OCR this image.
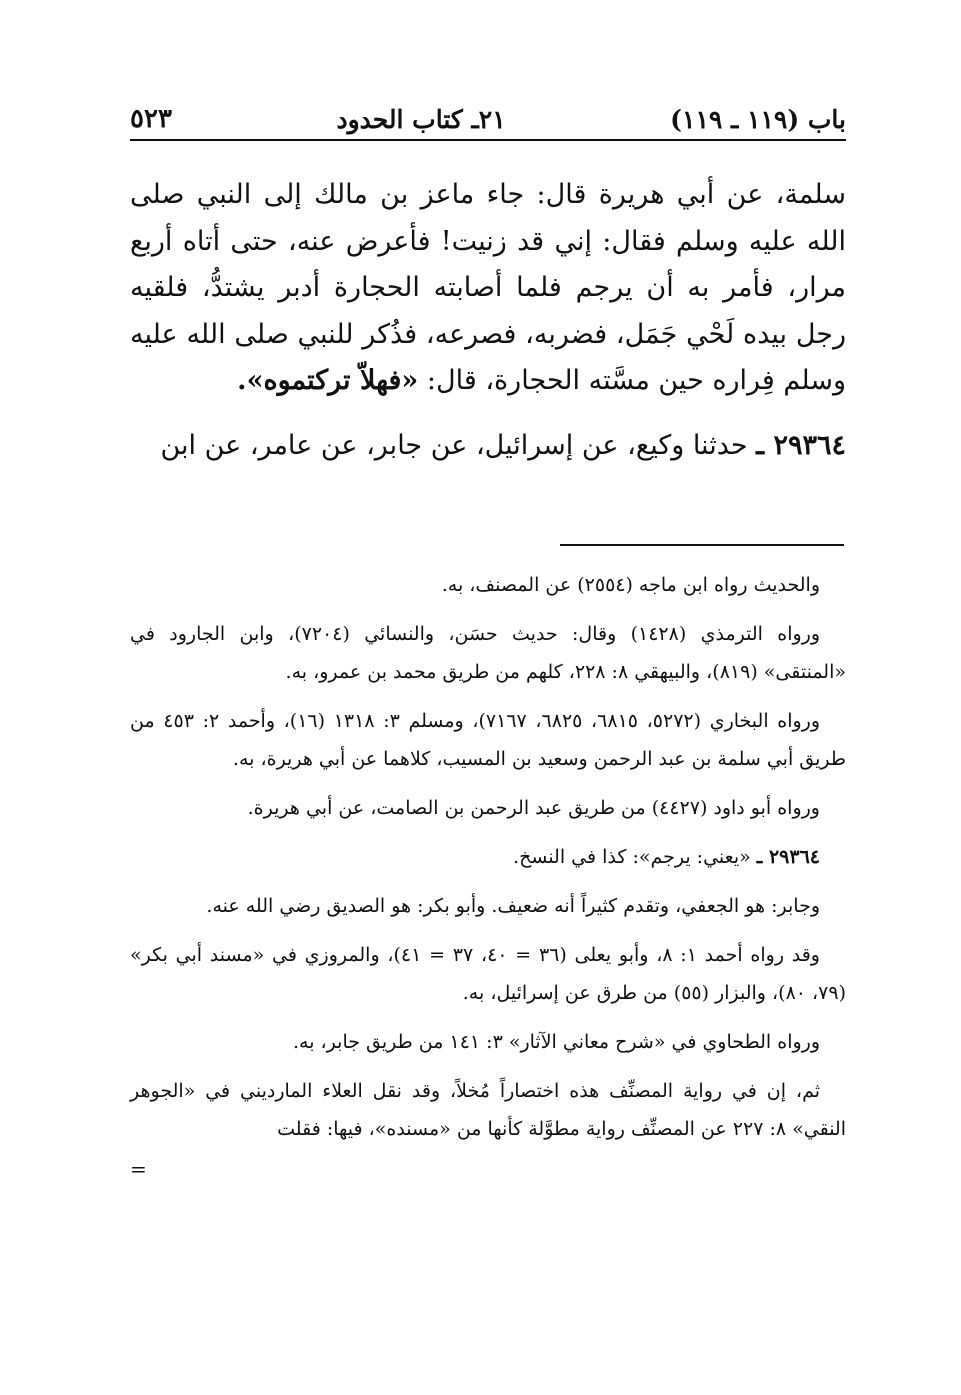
باب (١١٩ ـ ١١٩)
٢١ـ كتاب الحدود
٥٢٣

سلمة، عن أبي هريرة قال: جاء ماعز بن مالك إلى النبي صلى الله عليه وسلم فقال: إني قد زنيت! فأعرض عنه، حتى أتاه أربع مرار، فأمر به أن يرجم فلما أصابته الحجارة أدبر يشتدُّ، فلقيه رجل بيده لَحْي جَمَل، فضربه، فصرعه، فذُكر للنبي صلى الله عليه وسلم فِراره حين مسَّته الحجارة، قال: «فهلاّ تركتموه».

٢٩٣٦٤ ـ حدثنا وكيع، عن إسرائيل، عن جابر، عن عامر، عن ابن

والحديث رواه ابن ماجه (٢٥٥٤) عن المصنف، به.

ورواه الترمذي (١٤٢٨) وقال: حديث حسَن، والنسائي (٧٢٠٤)، وابن الجارود في «المنتقى» (٨١٩)، والبيهقي ٨: ٢٢٨، كلهم من طريق محمد بن عمرو، به.

ورواه البخاري (٥٢٧٢، ٦٨١٥، ٦٨٢٥، ٧١٦٧)، ومسلم ٣: ١٣١٨ (١٦)، وأحمد ٢: ٤٥٣ من طريق أبي سلمة بن عبد الرحمن وسعيد بن المسيب، كلاهما عن أبي هريرة، به.

ورواه أبو داود (٤٤٢٧) من طريق عبد الرحمن بن الصامت، عن أبي هريرة.

٢٩٣٦٤ ـ «يعني: يرجم»: كذا في النسخ.

وجابر: هو الجعفي، وتقدم كثيراً أنه ضعيف. وأبو بكر: هو الصديق رضي الله عنه.

وقد رواه أحمد ١: ٨، وأبو يعلى (٣٦ = ٤٠، ٣٧ = ٤١)، والمروزي في «مسند أبي بكر» (٧٩، ٨٠)، والبزار (٥٥) من طرق عن إسرائيل، به.

ورواه الطحاوي في «شرح معاني الآثار» ٣: ١٤١ من طريق جابر، به.

ثم، إن في رواية المصنِّف هذه اختصاراً مُخلاً، وقد نقل العلاء المارديني في «الجوهر النقي» ٨: ٢٢٧ عن المصنِّف رواية مطوَّلة كأنها من «مسنده»، فيها: فقلت

=
